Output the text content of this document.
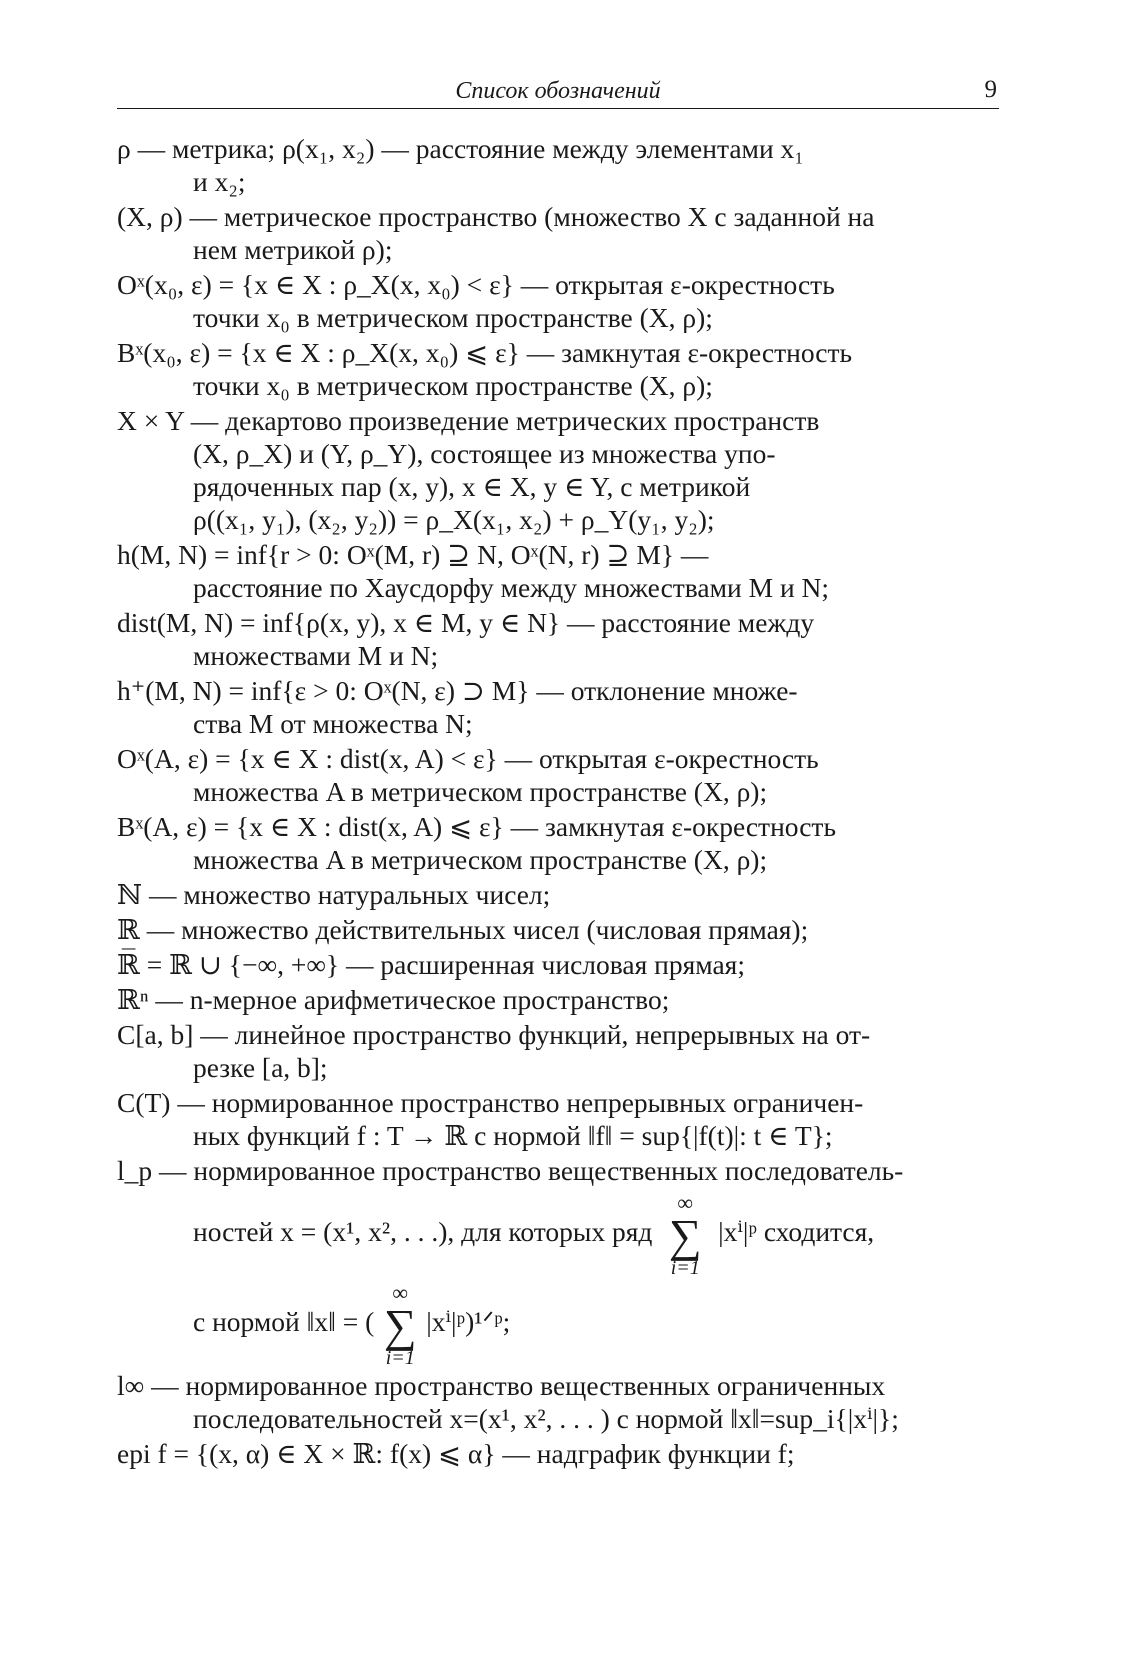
Список обозначений	9

ρ — метрика; ρ(x₁, x₂) — расстояние между элементами x₁

и x₂;

(X, ρ) — метрическое пространство (множество X с заданной на

нем метрикой ρ);

Oˣ(x₀, ε) = {x ∈ X : ρ_X(x, x₀) < ε} — открытая ε-окрестность

точки x₀ в метрическом пространстве (X, ρ);

Bˣ(x₀, ε) = {x ∈ X : ρ_X(x, x₀) ⩽ ε} — замкнутая ε-окрестность

точки x₀ в метрическом пространстве (X, ρ);

X × Y — декартово произведение метрических пространств

(X, ρ_X) и (Y, ρ_Y), состоящее из множества упо-

рядоченных пар (x, y), x ∈ X, y ∈ Y, с метрикой

ρ((x₁, y₁), (x₂, y₂)) = ρ_X(x₁, x₂) + ρ_Y(y₁, y₂);

h(M, N) = inf{r > 0: Oˣ(M, r) ⊇ N, Oˣ(N, r) ⊇ M} —

расстояние по Хаусдорфу между множествами M и N;

dist(M, N) = inf{ρ(x, y), x ∈ M, y ∈ N} — расстояние между

множествами M и N;

h⁺(M, N) = inf{ε > 0: Oˣ(N, ε) ⊃ M} — отклонение множе-

ства M от множества N;

Oˣ(A, ε) = {x ∈ X : dist(x, A) < ε} — открытая ε-окрестность

множества A в метрическом пространстве (X, ρ);

Bˣ(A, ε) = {x ∈ X : dist(x, A) ⩽ ε} — замкнутая ε-окрестность

множества A в метрическом пространстве (X, ρ);

ℕ — множество натуральных чисел;

ℝ — множество действительных чисел (числовая прямая);

ℝ̅ = ℝ ∪ {−∞, +∞} — расширенная числовая прямая;

ℝⁿ — n-мерное арифметическое пространство;

C[a, b] — линейное пространство функций, непрерывных на от-

резке [a, b];

C(T) — нормированное пространство непрерывных ограничен-

ных функций f : T → ℝ с нормой ‖f‖ = sup{|f(t)|: t ∈ T};

l_p — нормированное пространство вещественных последователь-

ностей x = (x¹, x², . . .), для которых ряд
∞
∑
i=1
|xⁱ|ᵖ сходится,

с нормой ‖x‖ = (
∞
∑
i=1
|xⁱ|ᵖ)¹ᐟᵖ;

l∞ — нормированное пространство вещественных ограниченных

последовательностей x=(x¹, x², . . . ) с нормой ‖x‖=sup_i{|xⁱ|};

epi f = {(x, α) ∈ X × ℝ: f(x) ⩽ α} — надграфик функции f;
